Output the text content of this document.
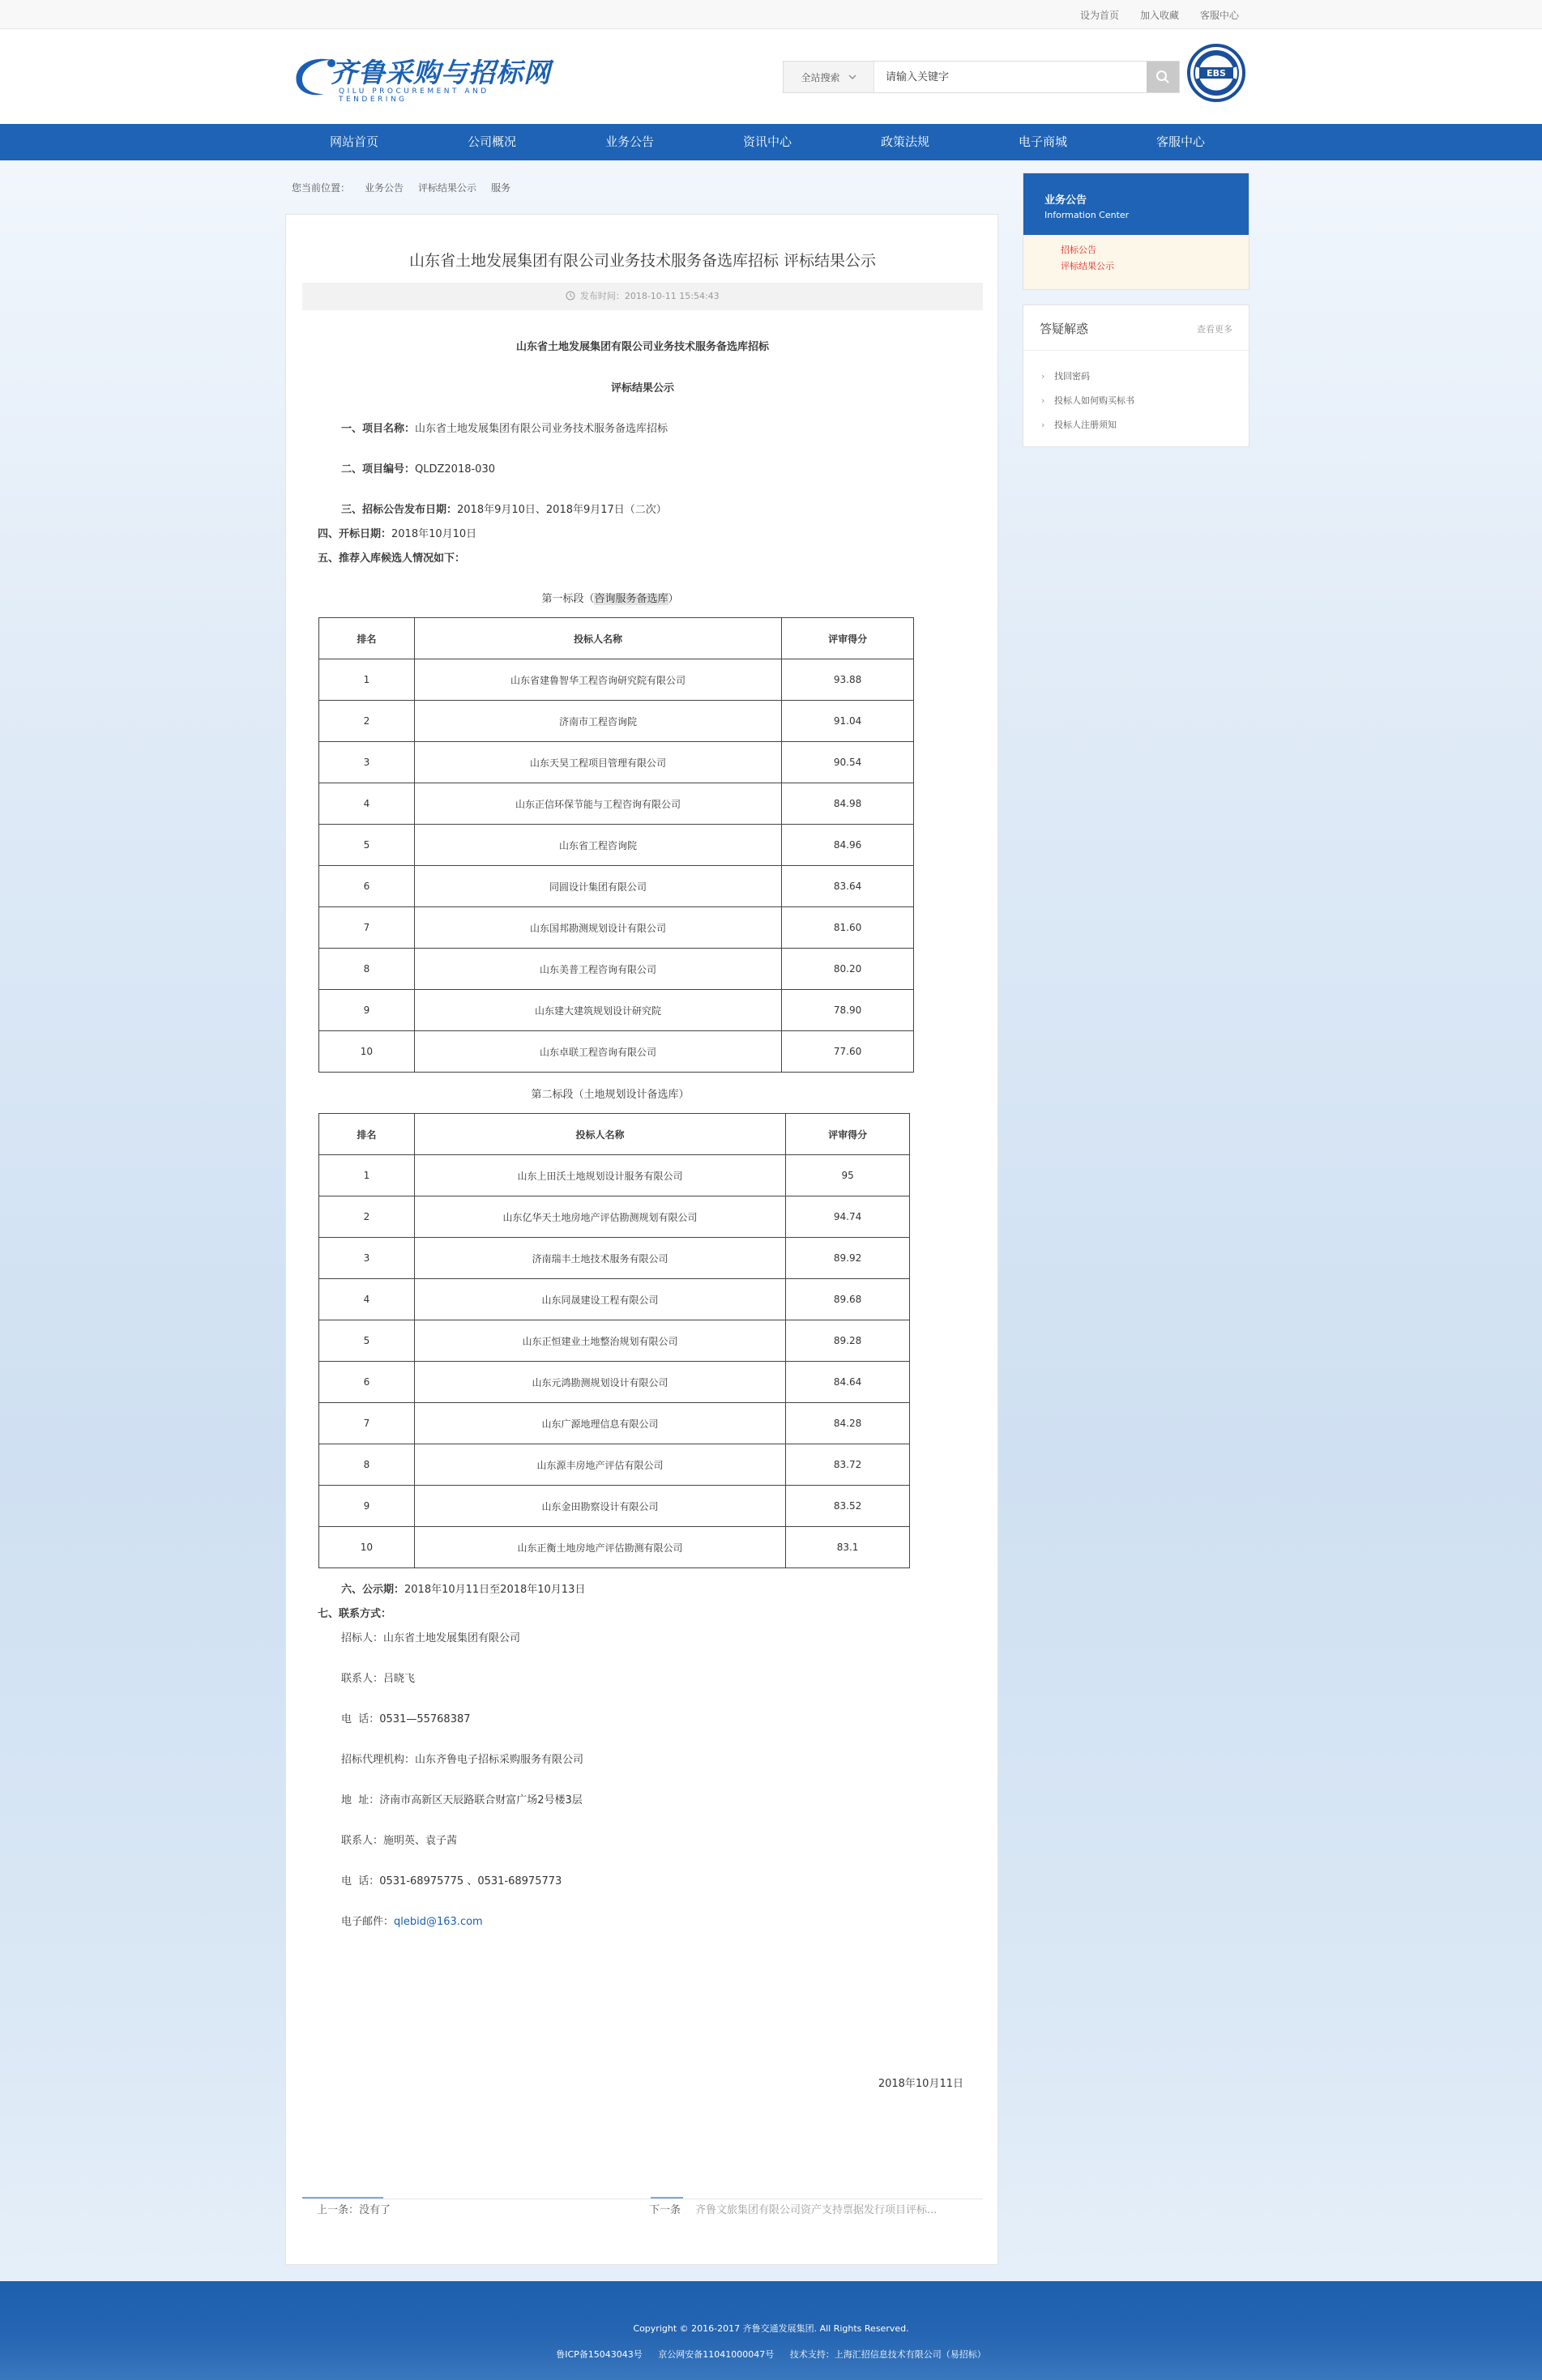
设为首页 加入收藏 客服中心
齐鲁采购与招标网
QILU PROCUREMENT AND TENDERING
全站搜索
请输入关键字	EBS
网站首页	公司概况	业务公告	资讯中心	政策法规	电子商城	客服中心
您当前位置： 业务公告 评标结果公示 服务
山东省土地发展集团有限公司业务技术服务备选库招标 评标结果公示
发布时间：2018-10-11 15:54:43
山东省土地发展集团有限公司业务技术服务备选库招标
评标结果公示
一、项目名称：山东省土地发展集团有限公司业务技术服务备选库招标
二、项目编号：QLDZ2018-030
三、招标公告发布日期：2018年9月10日、2018年9月17日（二次）
四、开标日期：2018年10月10日
五、推荐入库候选人情况如下：
第一标段（咨询服务备选库）
排名	投标人名称	评审得分
1	山东省建鲁智华工程咨询研究院有限公司	93.88
2	济南市工程咨询院	91.04
3	山东天昊工程项目管理有限公司	90.54
4	山东正信环保节能与工程咨询有限公司	84.98
5	山东省工程咨询院	84.96
6	同圆设计集团有限公司	83.64
7	山东国邦勘测规划设计有限公司	81.60
8	山东美普工程咨询有限公司	80.20
9	山东建大建筑规划设计研究院	78.90
10	山东卓联工程咨询有限公司	77.60
第二标段（土地规划设计备选库）
排名	投标人名称	评审得分
1	山东上田沃土地规划设计服务有限公司	95
2	山东亿华天土地房地产评估勘测规划有限公司	94.74
3	济南瑞丰土地技术服务有限公司	89.92
4	山东同晟建设工程有限公司	89.68
5	山东正恒建业土地整治规划有限公司	89.28
6	山东元鸿勘测规划设计有限公司	84.64
7	山东广源地理信息有限公司	84.28
8	山东源丰房地产评估有限公司	83.72
9	山东金田勘察设计有限公司	83.52
10	山东正衡土地房地产评估勘测有限公司	83.1
六、公示期：2018年10月11日至2018年10月13日
七、联系方式：
招标人：山东省土地发展集团有限公司
联系人：吕晓飞
电  话：0531—55768387
招标代理机构：山东齐鲁电子招标采购服务有限公司
地  址：济南市高新区天辰路联合财富广场2号楼3层
联系人：施明英、袁子茜
电  话：0531-68975775 、0531-68975773
电子邮件：qlebid@163.com
2018年10月11日
上一条：没有了	下一条 齐鲁文旅集团有限公司资产支持票据发行项目评标...
业务公告
Information Center
招标公告
评标结果公示
答疑解惑	查看更多
› 找回密码
› 投标人如何购买标书
› 投标人注册须知
Copyright © 2016-2017 齐鲁交通发展集团. All Rights Reserved.
鲁ICP备15043043号 京公网安备11041000047号 技术支持：上海汇招信息技术有限公司（易招标）
